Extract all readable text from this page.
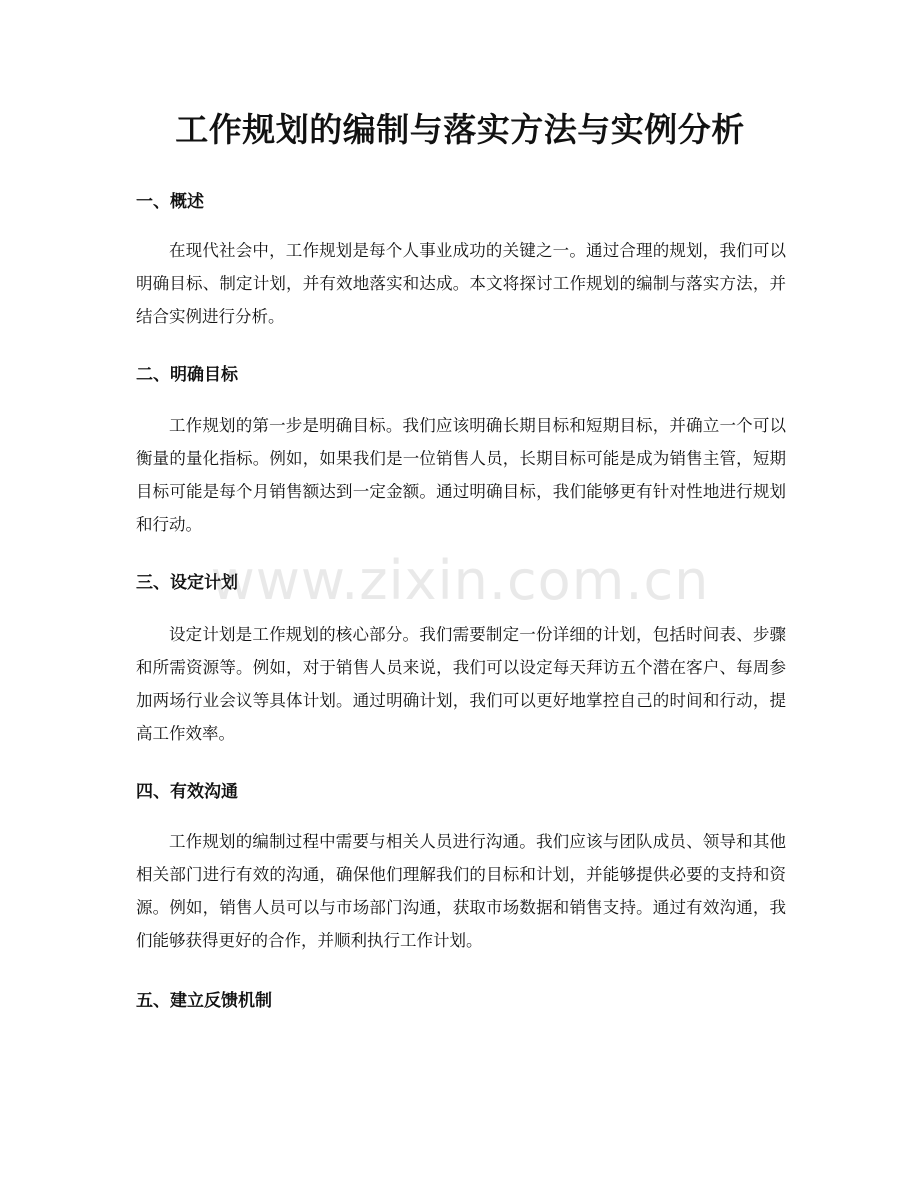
工作规划的编制与落实方法与实例分析
一、概述

在现代社会中，工作规划是每个人事业成功的关键之一。通过合理的规划，我们可以明确目标、制定计划，并有效地落实和达成。本文将探讨工作规划的编制与落实方法，并结合实例进行分析。

二、明确目标

工作规划的第一步是明确目标。我们应该明确长期目标和短期目标，并确立一个可以衡量的量化指标。例如，如果我们是一位销售人员，长期目标可能是成为销售主管，短期目标可能是每个月销售额达到一定金额。通过明确目标，我们能够更有针对性地进行规划和行动。

三、设定计划

设定计划是工作规划的核心部分。我们需要制定一份详细的计划，包括时间表、步骤和所需资源等。例如，对于销售人员来说，我们可以设定每天拜访五个潜在客户、每周参加两场行业会议等具体计划。通过明确计划，我们可以更好地掌控自己的时间和行动，提高工作效率。

四、有效沟通

工作规划的编制过程中需要与相关人员进行沟通。我们应该与团队成员、领导和其他相关部门进行有效的沟通，确保他们理解我们的目标和计划，并能够提供必要的支持和资源。例如，销售人员可以与市场部门沟通，获取市场数据和销售支持。通过有效沟通，我们能够获得更好的合作，并顺利执行工作计划。

五、建立反馈机制
www.zixin.com.cn
